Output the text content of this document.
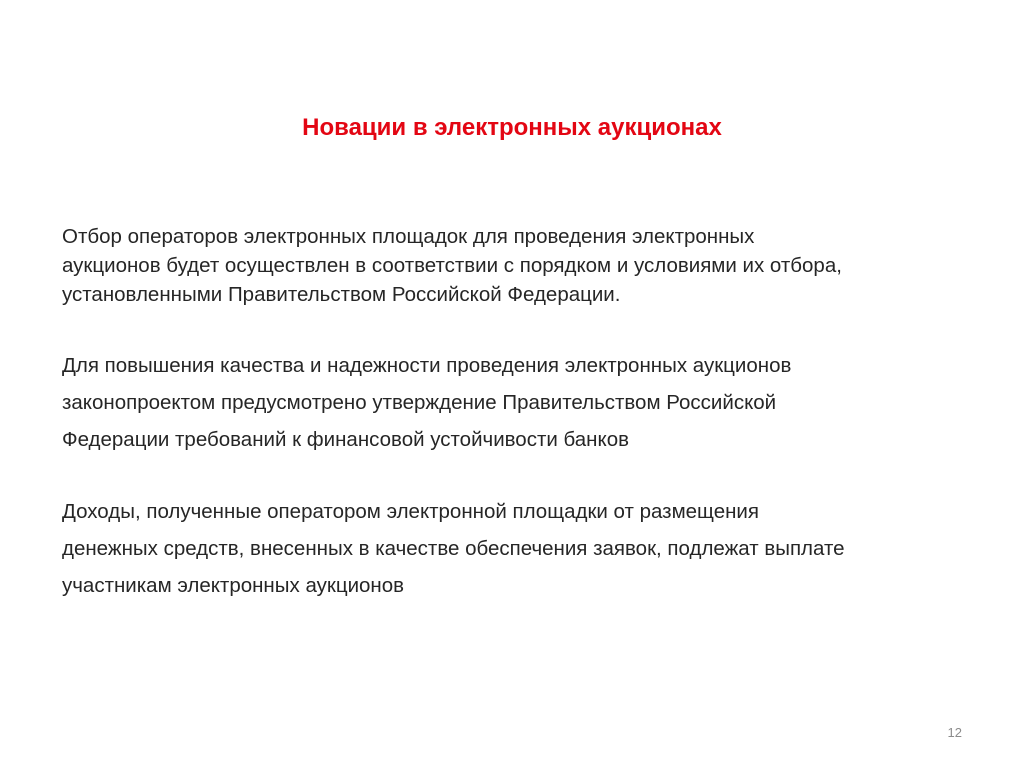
Новации в электронных аукционах

Отбор операторов электронных площадок для проведения электронных
аукционов будет осуществлен в соответствии с порядком и условиями их отбора,
установленными Правительством Российской Федерации.

Для повышения качества и надежности проведения электронных аукционов
законопроектом предусмотрено утверждение Правительством Российской
Федерации требований к финансовой устойчивости банков

Доходы, полученные оператором электронной площадки от размещения
денежных средств, внесенных в качестве обеспечения заявок, подлежат выплате
участникам электронных аукционов

12
